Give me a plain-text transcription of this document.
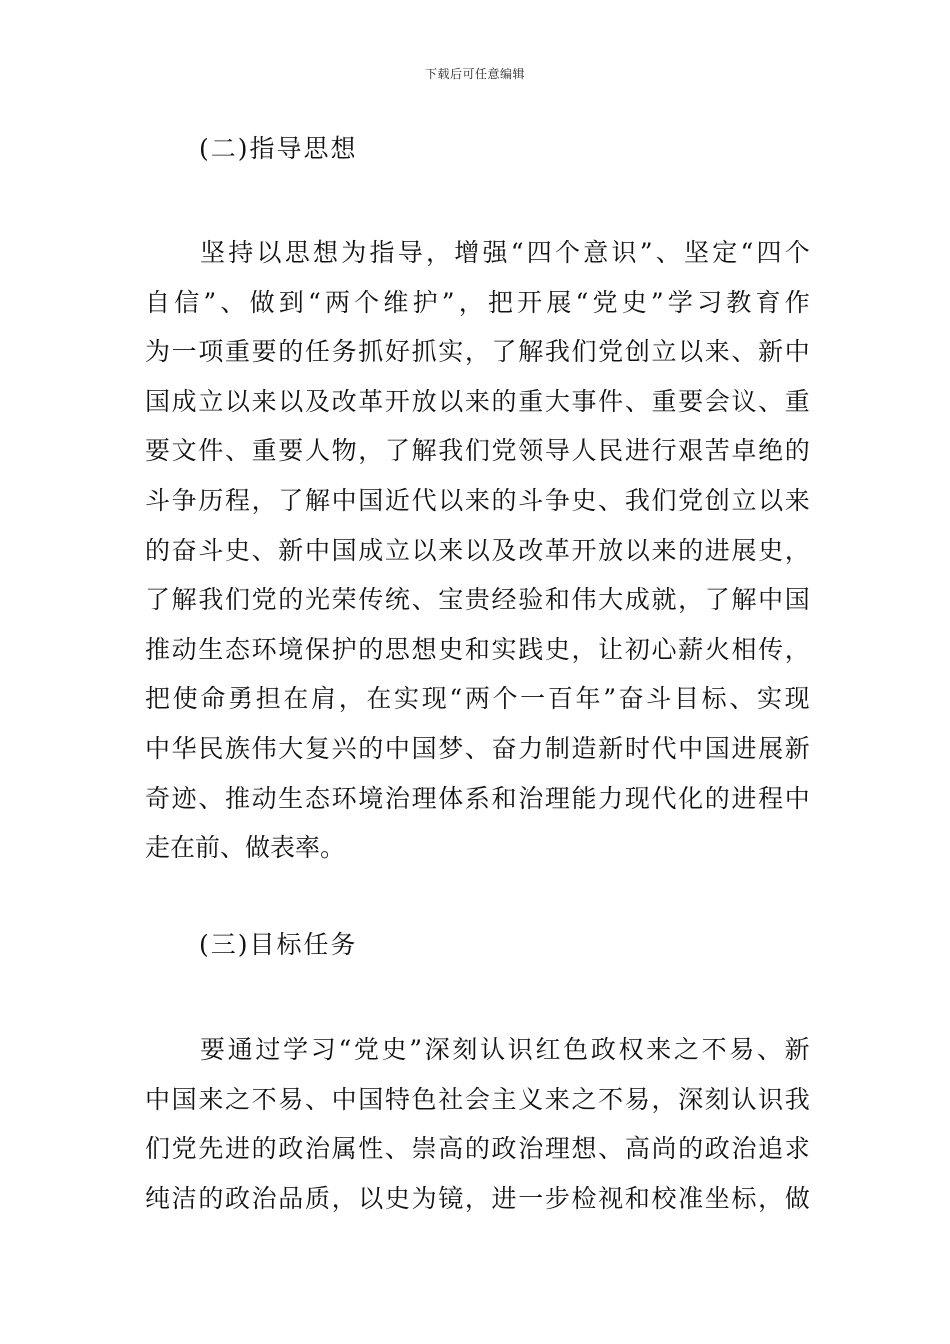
下载后可任意编辑
(二)指导思想
坚 持 以 思 想 为 指 导 ， 增 强 “ 四 个 意 识 ” 、 坚 定 “ 四 个
自 信 ” 、 做 到 “ 两 个 维 护 ” ， 把 开 展 “ 党 史 ” 学 习 教 育 作
为 一 项 重 要 的 任 务 抓 好 抓 实 ， 了 解 我 们 党 创 立 以 来 、 新 中
国 成 立 以 来 以 及 改 革 开 放 以 来 的 重 大 事 件 、 重 要 会 议 、 重
要 文 件 、 重 要 人 物 ， 了 解 我 们 党 领 导 人 民 进 行 艰 苦 卓 绝 的
斗 争 历 程 ， 了 解 中 国 近 代 以 来 的 斗 争 史 、 我 们 党 创 立 以 来
的 奋 斗 史 、 新 中 国 成 立 以 来 以 及 改 革 开 放 以 来 的 进 展 史 ，
了 解 我 们 党 的 光 荣 传 统 、 宝 贵 经 验 和 伟 大 成 就 ， 了 解 中 国
推 动 生 态 环 境 保 护 的 思 想 史 和 实 践 史 ， 让 初 心 薪 火 相 传 ，
把 使 命 勇 担 在 肩 ， 在 实 现 “ 两 个 一 百 年 ” 奋 斗 目 标 、 实 现
中 华 民 族 伟 大 复 兴 的 中 国 梦 、 奋 力 制 造 新 时 代 中 国 进 展 新
奇 迹 、 推 动 生 态 环 境 治 理 体 系 和 治 理 能 力 现 代 化 的 进 程 中
走在前、做表率。
(三)目标任务
要 通 过 学 习 “ 党 史 ” 深 刻 认 识 红 色 政 权 来 之 不 易 、 新
中 国 来 之 不 易 、 中 国 特 色 社 会 主 义 来 之 不 易 ， 深 刻 认 识 我
们 党 先 进 的 政 治 属 性 、 崇 高 的 政 治 理 想 、 高 尚 的 政 治 追 求
纯 洁 的 政 治 品 质 ， 以 史 为 镜 ， 进 一 步 检 视 和 校 准 坐 标 ， 做
